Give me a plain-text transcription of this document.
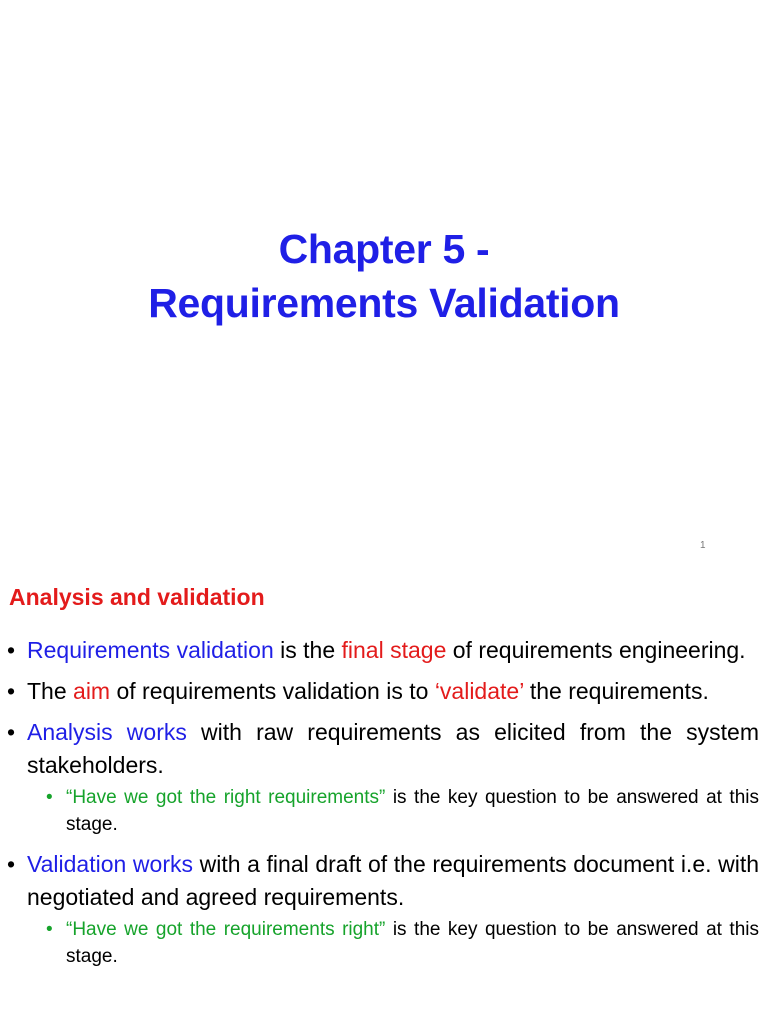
Chapter 5 -
Requirements Validation
1
Analysis and validation
• Requirements validation is the final stage of requirements engineering.
• The aim of requirements validation is to ‘validate’ the requirements.
• Analysis works with raw requirements as elicited from the system stakeholders.
• “Have we got the right requirements” is the key question to be answered at this stage.
• Validation works with a final draft of the requirements document i.e. with negotiated and agreed requirements.
• “Have we got the requirements right” is the key question to be answered at this stage.
